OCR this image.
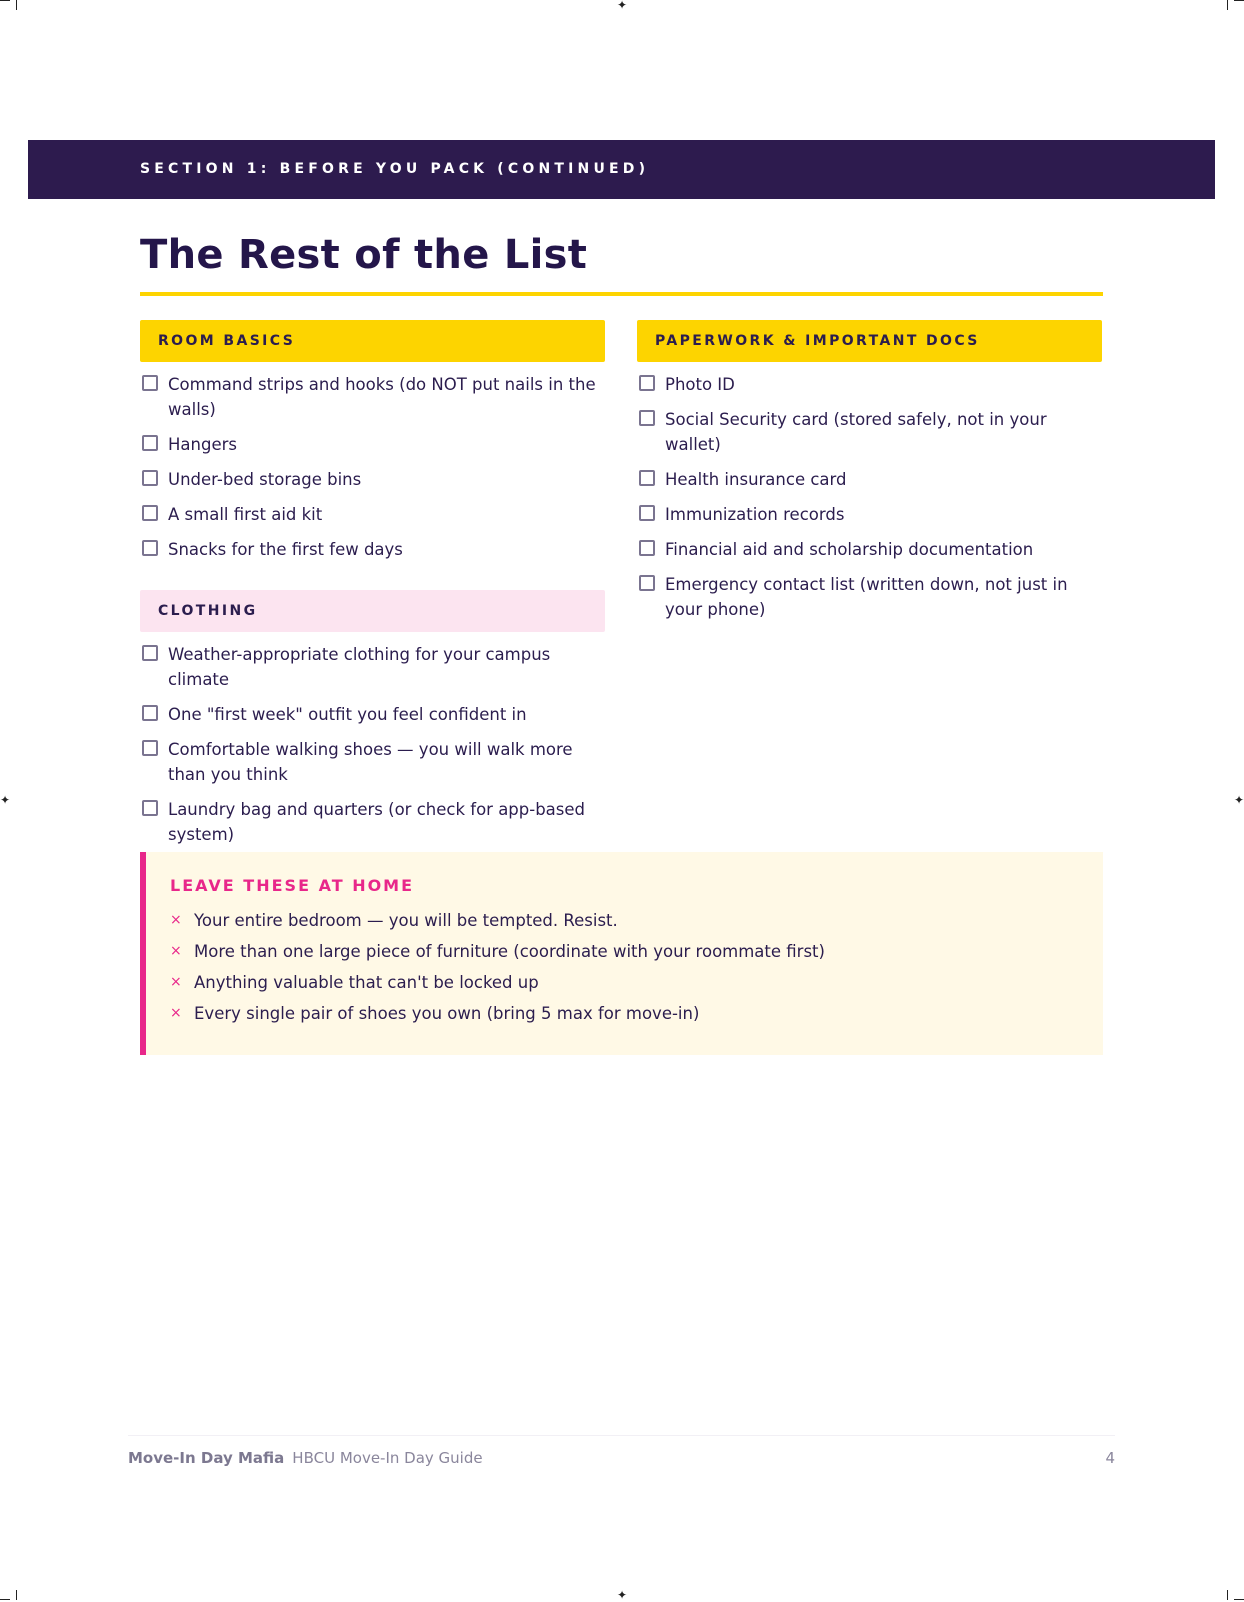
✦
✦
✦	✦
SECTION 1: BEFORE YOU PACK (CONTINUED)
The Rest of the List
ROOM BASICS
Command strips and hooks (do NOT put nails in the walls)
Hangers
Under-bed storage bins
A small first aid kit
Snacks for the first few days
CLOTHING
Weather-appropriate clothing for your campus climate
One "first week" outfit you feel confident in
Comfortable walking shoes — you will walk more than you think
Laundry bag and quarters (or check for app-based system)
PAPERWORK & IMPORTANT DOCS
Photo ID
Social Security card (stored safely, not in your wallet)
Health insurance card
Immunization records
Financial aid and scholarship documentation
Emergency contact list (written down, not just in your phone)
LEAVE THESE AT HOME
× Your entire bedroom — you will be tempted. Resist.
× More than one large piece of furniture (coordinate with your roommate first)
× Anything valuable that can't be locked up
× Every single pair of shoes you own (bring 5 max for move-in)
Move-In Day Mafia HBCU Move-In Day Guide	4
